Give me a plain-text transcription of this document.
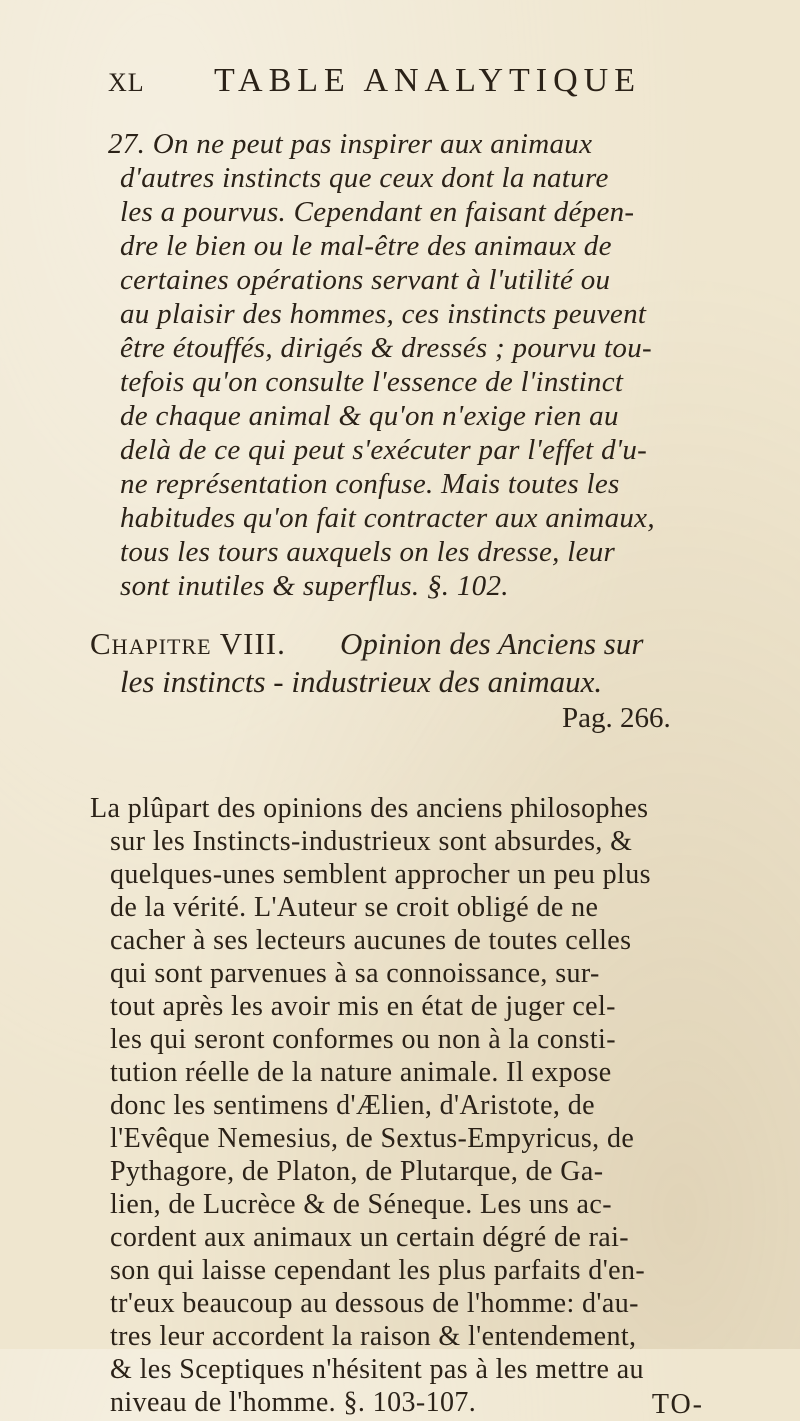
XL TABLE ANALYTIQUE
27. On ne peut pas inspirer aux animaux
d'autres instincts que ceux dont la nature
les a pourvus. Cependant en faisant dépen-
dre le bien ou le mal-être des animaux de
certaines opérations servant à l'utilité ou
au plaisir des hommes, ces instincts peuvent
être étouffés, dirigés & dressés ; pourvu tou-
tefois qu'on consulte l'essence de l'instinct
de chaque animal & qu'on n'exige rien au
delà de ce qui peut s'exécuter par l'effet d'u-
ne représentation confuse. Mais toutes les
habitudes qu'on fait contracter aux animaux,
tous les tours auxquels on les dresse, leur
sont inutiles & superflus. §. 102.
Chapitre VIII. Opinion des Anciens sur
les instincts - industrieux des animaux.
Pag. 266.
La plûpart des opinions des anciens philosophes
sur les Instincts-industrieux sont absurdes, &
quelques-unes semblent approcher un peu plus
de la vérité. L'Auteur se croit obligé de ne
cacher à ses lecteurs aucunes de toutes celles
qui sont parvenues à sa connoissance, sur-
tout après les avoir mis en état de juger cel-
les qui seront conformes ou non à la consti-
tution réelle de la nature animale. Il expose
donc les sentimens d'Ælien, d'Aristote, de
l'Evêque Nemesius, de Sextus-Empyricus, de
Pythagore, de Platon, de Plutarque, de Ga-
lien, de Lucrèce & de Séneque. Les uns ac-
cordent aux animaux un certain dégré de rai-
son qui laisse cependant les plus parfaits d'en-
tr'eux beaucoup au dessous de l'homme: d'au-
tres leur accordent la raison & l'entendement,
& les Sceptiques n'hésitent pas à les mettre au
niveau de l'homme. §. 103-107.	TO-
